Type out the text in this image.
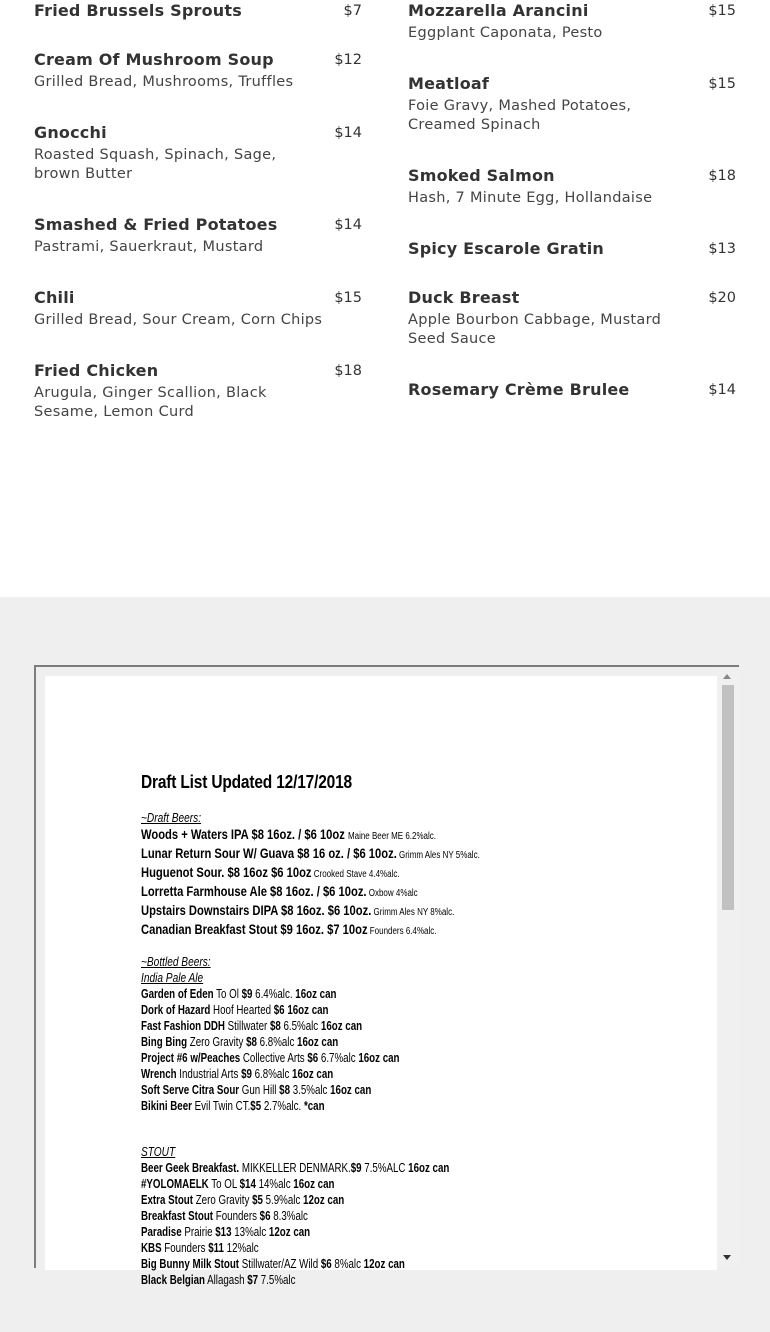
Fried Brussels Sprouts	$7
Cream Of Mushroom Soup	$12
Grilled Bread, Mushrooms, Truffles
Gnocchi	$14
Roasted Squash, Spinach, Sage, brown Butter
Smashed & Fried Potatoes	$14
Pastrami, Sauerkraut, Mustard
Chili	$15
Grilled Bread, Sour Cream, Corn Chips
Fried Chicken	$18
Arugula, Ginger Scallion, Black Sesame, Lemon Curd
Mozzarella Arancini	$15
Eggplant Caponata, Pesto
Meatloaf	$15
Foie Gravy, Mashed Potatoes, Creamed Spinach
Smoked Salmon	$18
Hash, 7 Minute Egg, Hollandaise
Spicy Escarole Gratin	$13
Duck Breast	$20
Apple Bourbon Cabbage, Mustard Seed Sauce
Rosemary Crème Brulee	$14
Draft List Updated 12/17/2018
~Draft Beers:
Woods + Waters IPA $8 16oz. / $6 10oz Maine Beer ME 6.2%alc.
Lunar Return Sour W/ Guava $8 16 oz. / $6 10oz. Grimm Ales NY 5%alc.
Huguenot Sour. $8 16oz $6 10oz Crooked Stave 4.4%alc.
Lorretta Farmhouse Ale $8 16oz. / $6 10oz. Oxbow 4%alc
Upstairs Downstairs DIPA $8 16oz. $6 10oz. Grimm Ales NY 8%alc.
Canadian Breakfast Stout $9 16oz. $7 10oz Founders 6.4%alc.
~Bottled Beers:
India Pale Ale
Garden of Eden To Ol $9 6.4%alc. 16oz can
Dork of Hazard Hoof Hearted $6 16oz can
Fast Fashion DDH Stillwater $8 6.5%alc 16oz can
Bing Bing Zero Gravity $8 6.8%alc 16oz can
Project #6 w/Peaches Collective Arts $6 6.7%alc 16oz can
Wrench Industrial Arts $9 6.8%alc 16oz can
Soft Serve Citra Sour Gun Hill $8 3.5%alc 16oz can
Bikini Beer Evil Twin CT.$5 2.7%alc. *can
STOUT
Beer Geek Breakfast. MIKKELLER DENMARK.$9 7.5%ALC 16oz can
#YOLOMAELK To OL $14 14%alc 16oz can
Extra Stout Zero Gravity $5 5.9%alc 12oz can
Breakfast Stout Founders $6 8.3%alc
Paradise Prairie $13 13%alc 12oz can
KBS Founders $11 12%alc
Big Bunny Milk Stout Stillwater/AZ Wild $6 8%alc 12oz can
Black Belgian Allagash $7 7.5%alc
